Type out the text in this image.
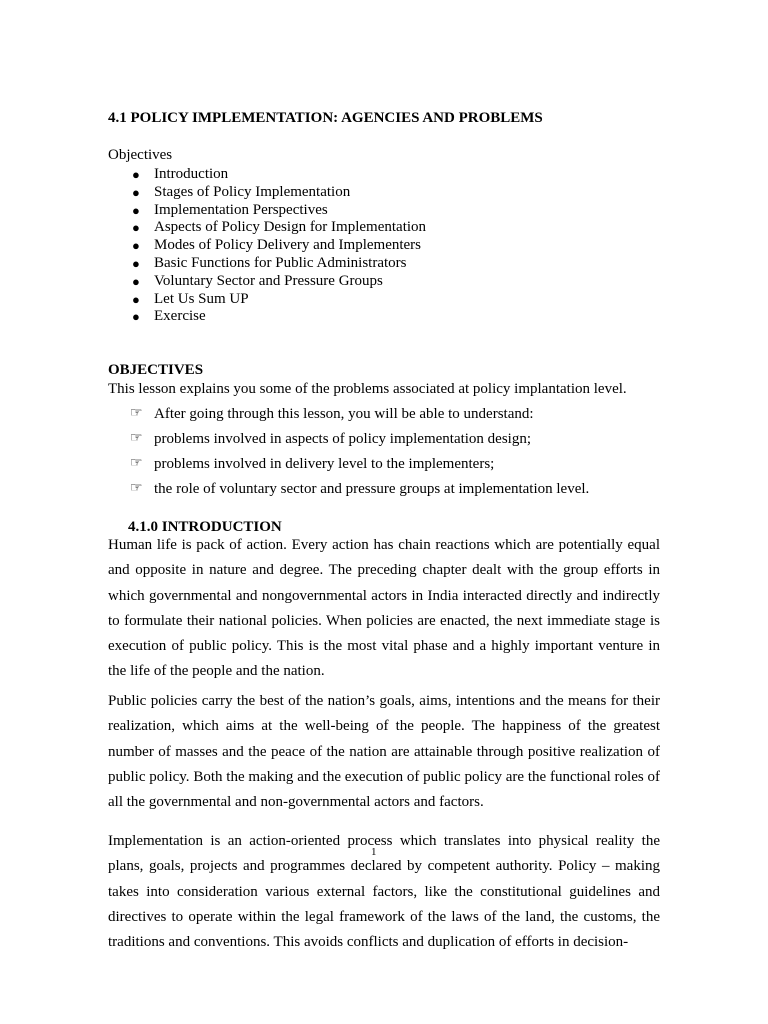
4.1 POLICY IMPLEMENTATION: AGENCIES AND PROBLEMS
Objectives
● Introduction
● Stages of Policy Implementation
● Implementation Perspectives
● Aspects of Policy Design for Implementation
● Modes of Policy Delivery and Implementers
● Basic Functions for Public Administrators
● Voluntary Sector and Pressure Groups
● Let Us Sum UP
● Exercise
OBJECTIVES
This lesson explains you some of the problems associated at policy implantation level.
☞ After going through this lesson, you will be able to understand:
☞ problems involved in aspects of policy implementation design;
☞ problems involved in delivery level to the implementers;
☞ the role of voluntary sector and pressure groups at implementation level.
4.1.0 INTRODUCTION

Human life is pack of action. Every action has chain reactions which are potentially equal and opposite in nature and degree. The preceding chapter dealt with the group efforts in which governmental and nongovernmental actors in India interacted directly and indirectly to formulate their national policies. When policies are enacted, the next immediate stage is execution of public policy. This is the most vital phase and a highly important venture in the life of the people and the nation.

Public policies carry the best of the nation’s goals, aims, intentions and the means for their realization, which aims at the well-being of the people. The happiness of the greatest number of masses and the peace of the nation are attainable through positive realization of public policy. Both the making and the execution of public policy are the functional roles of all the governmental and non-governmental actors and factors.

Implementation is an action-oriented process which translates into physical reality the plans, goals, projects and programmes declared by competent authority. Policy – making takes into consideration various external factors, like the constitutional guidelines and directives to operate within the legal framework of the laws of the land, the customs, the traditions and conventions. This avoids conflicts and duplication of efforts in decision-

1
